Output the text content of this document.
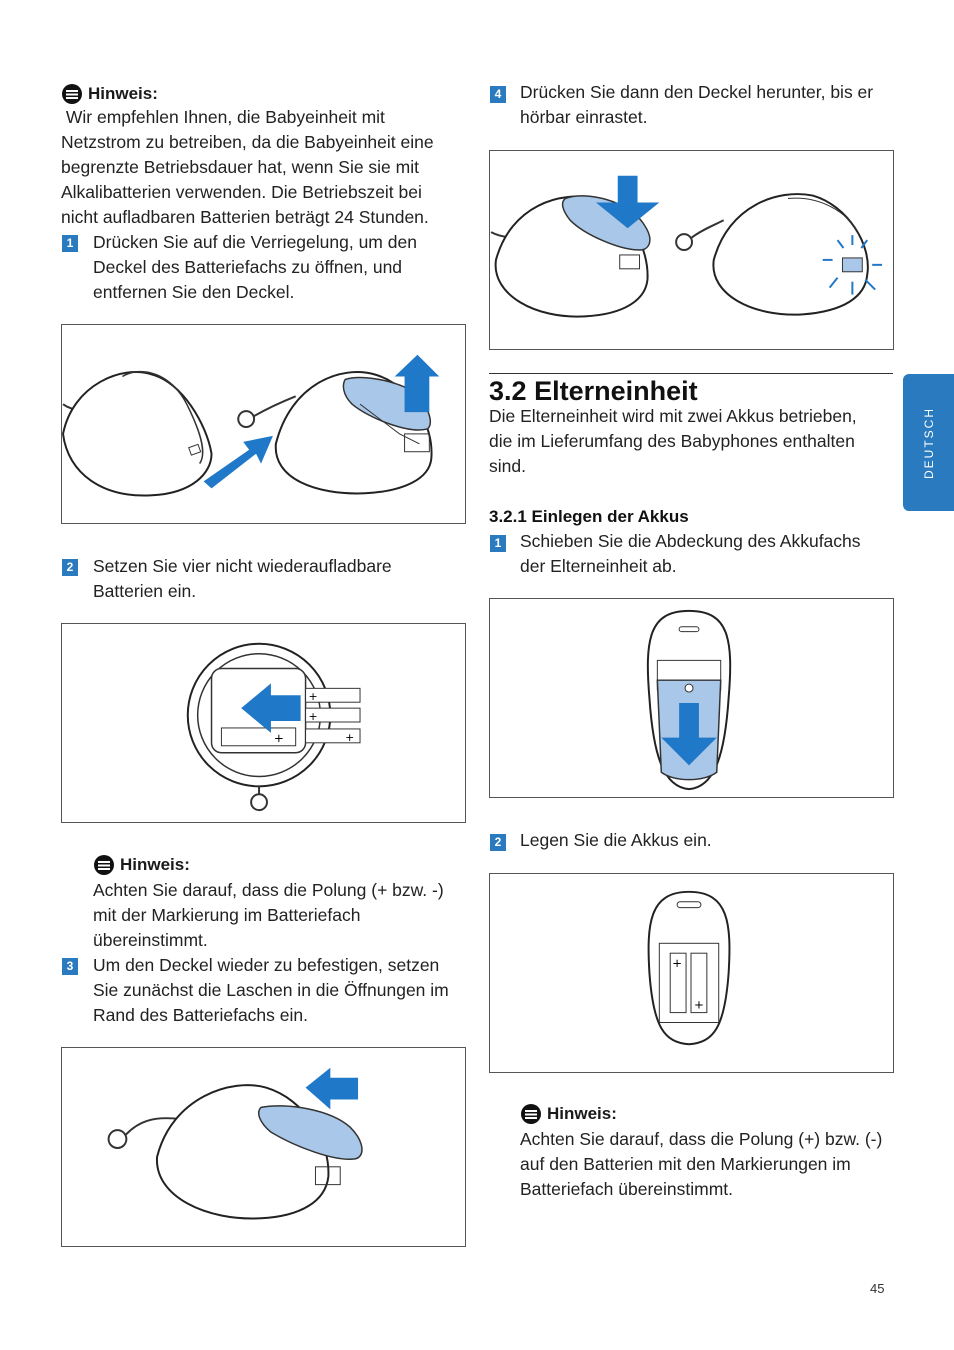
Hinweis:
Wir empfehlen Ihnen, die Babyeinheit mit
Netzstrom zu betreiben, da die Babyeinheit eine
begrenzte Betriebsdauer hat, wenn Sie sie mit
Alkalibatterien verwenden. Die Betriebszeit bei
nicht aufladbaren Batterien beträgt 24 Stunden.
1 Drücken Sie auf die Verriegelung, um den
Deckel des Batteriefachs zu öffnen, und
entfernen Sie den Deckel.
2 Setzen Sie vier nicht wiederaufladbare
Batterien ein.
+
+
+
+
Hinweis:
Achten Sie darauf, dass die Polung (+ bzw. -)
mit der Markierung im Batteriefach
übereinstimmt.
3 Um den Deckel wieder zu befestigen, setzen
Sie zunächst die Laschen in die Öffnungen im
Rand des Batteriefachs ein.
4 Drücken Sie dann den Deckel herunter, bis er
hörbar einrastet.
3.2 Elterneinheit
Die Elterneinheit wird mit zwei Akkus betrieben,
die im Lieferumfang des Babyphones enthalten
sind.
3.2.1 Einlegen der Akkus
1 Schieben Sie die Abdeckung des Akkufachs
der Elterneinheit ab.
2 Legen Sie die Akkus ein.
+
+
Hinweis:
Achten Sie darauf, dass die Polung (+) bzw. (-)
auf den Batterien mit den Markierungen im
Batteriefach übereinstimmt.
DEUTSCH
45
